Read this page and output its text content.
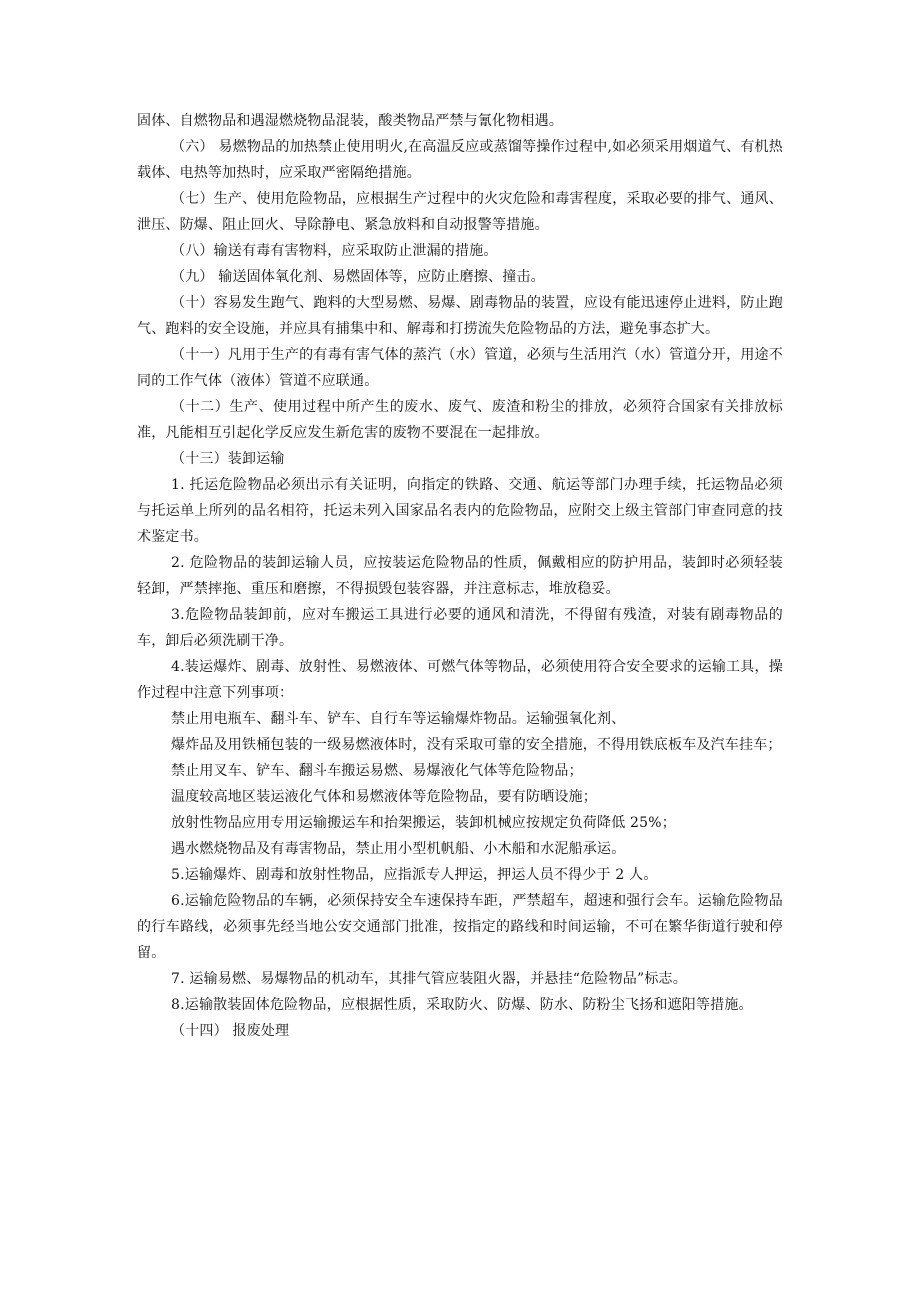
固体、自燃物品和遇湿燃烧物品混装，酸类物品严禁与氰化物相遇。

（六） 易燃物品的加热禁止使用明火,在高温反应或蒸馏等操作过程中,如必须采用烟道气、有机热载体、电热等加热时，应采取严密隔绝措施。

（七）生产、使用危险物品，应根据生产过程中的火灾危险和毒害程度，采取必要的排气、通风、泄压、防爆、阻止回火、导除静电、紧急放料和自动报警等措施。

（八）输送有毒有害物料，应采取防止泄漏的措施。

（九） 输送固体氧化剂、易燃固体等，应防止磨擦、撞击。

（十）容易发生跑气、跑料的大型易燃、易爆、剧毒物品的装置，应设有能迅速停止进料，防止跑气、跑料的安全设施，并应具有捕集中和、解毒和打捞流失危险物品的方法，避免事态扩大。

（十一）凡用于生产的有毒有害气体的蒸汽（水）管道，必须与生活用汽（水）管道分开，用途不同的工作气体（液体）管道不应联通。

（十二）生产、使用过程中所产生的废水、废气、废渣和粉尘的排放，必须符合国家有关排放标准，凡能相互引起化学反应发生新危害的废物不要混在一起排放。

（十三）装卸运输

1. 托运危险物品必须出示有关证明，向指定的铁路、交通、航运等部门办理手续，托运物品必须与托运单上所列的品名相符，托运未列入国家品名表内的危险物品，应附交上级主管部门审查同意的技术鉴定书。

2. 危险物品的装卸运输人员，应按装运危险物品的性质，佩戴相应的防护用品，装卸时必须轻装轻卸，严禁摔拖、重压和磨擦，不得损毁包装容器，并注意标志，堆放稳妥。

3.危险物品装卸前，应对车搬运工具进行必要的通风和清洗，不得留有残渣，对装有剧毒物品的车，卸后必须洗刷干净。

4.装运爆炸、剧毒、放射性、易燃液体、可燃气体等物品，必须使用符合安全要求的运输工具，操作过程中注意下列事项：

禁止用电瓶车、翻斗车、铲车、自行车等运输爆炸物品。运输强氧化剂、

爆炸品及用铁桶包装的一级易燃液体时，没有采取可靠的安全措施，不得用铁底板车及汽车挂车；

禁止用叉车、铲车、翻斗车搬运易燃、易爆液化气体等危险物品；

温度较高地区装运液化气体和易燃液体等危险物品，要有防晒设施；

放射性物品应用专用运输搬运车和抬架搬运，装卸机械应按规定负荷降低 25%；

遇水燃烧物品及有毒害物品，禁止用小型机帆船、小木船和水泥船承运。

5.运输爆炸、剧毒和放射性物品，应指派专人押运，押运人员不得少于 2 人。

6.运输危险物品的车辆，必须保持安全车速保持车距，严禁超车，超速和强行会车。运输危险物品的行车路线，必须事先经当地公安交通部门批准，按指定的路线和时间运输，不可在繁华街道行驶和停留。

7. 运输易燃、易爆物品的机动车，其排气管应装阻火器，并悬挂“危险物品”标志。

8.运输散装固体危险物品，应根据性质，采取防火、防爆、防水、防粉尘飞扬和遮阳等措施。

（十四） 报废处理
